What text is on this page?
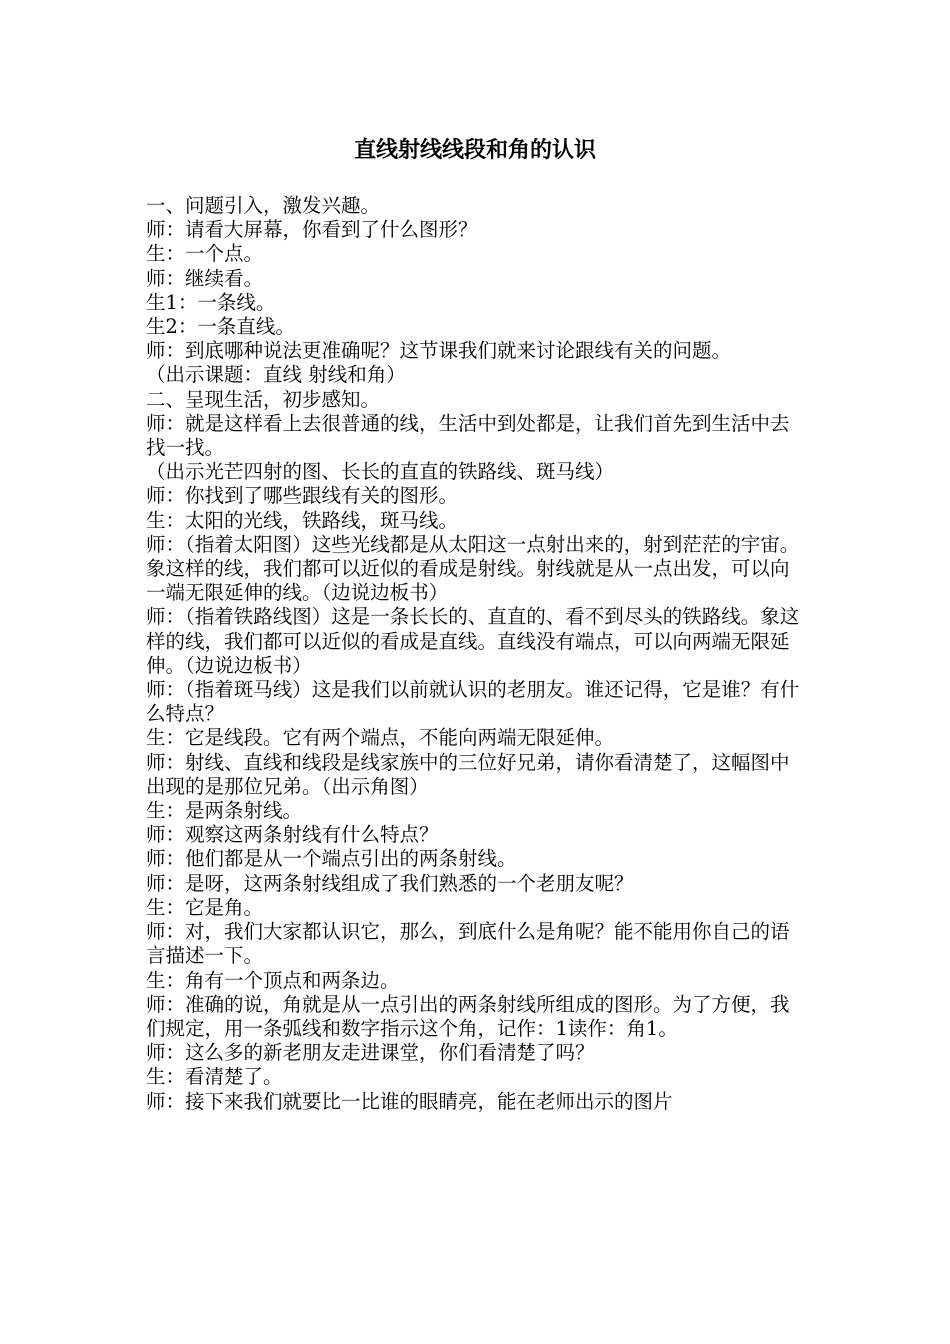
直线射线线段和角的认识

一、问题引入，激发兴趣。

师：请看大屏幕，你看到了什么图形？

生：一个点。

师：继续看。

生1：一条线。

生2：一条直线。

师：到底哪种说法更准确呢？这节课我们就来讨论跟线有关的问题。

（出示课题：直线 射线和角）

二、呈现生活，初步感知。

师：就是这样看上去很普通的线，生活中到处都是，让我们首先到生活中去找一找。

（出示光芒四射的图、长长的直直的铁路线、斑马线）

师：你找到了哪些跟线有关的图形。

生：太阳的光线，铁路线，斑马线。

师：（指着太阳图）这些光线都是从太阳这一点射出来的，射到茫茫的宇宙。象这样的线，我们都可以近似的看成是射线。射线就是从一点出发，可以向一端无限延伸的线。（边说边板书）

师：（指着铁路线图）这是一条长长的、直直的、看不到尽头的铁路线。象这样的线，我们都可以近似的看成是直线。直线没有端点，可以向两端无限延伸。（边说边板书）

师：（指着斑马线）这是我们以前就认识的老朋友。谁还记得，它是谁？有什么特点？

生：它是线段。它有两个端点，不能向两端无限延伸。

师：射线、直线和线段是线家族中的三位好兄弟，请你看清楚了，这幅图中出现的是那位兄弟。（出示角图）

生：是两条射线。

师：观察这两条射线有什么特点？

师：他们都是从一个端点引出的两条射线。

师：是呀，这两条射线组成了我们熟悉的一个老朋友呢？

生：它是角。

师：对，我们大家都认识它，那么，到底什么是角呢？能不能用你自己的语言描述一下。

生：角有一个顶点和两条边。

师：准确的说，角就是从一点引出的两条射线所组成的图形。为了方便，我们规定，用一条弧线和数字指示这个角，记作：1读作：角1。

师：这么多的新老朋友走进课堂，你们看清楚了吗？

生：看清楚了。

师：接下来我们就要比一比谁的眼睛亮，能在老师出示的图片
